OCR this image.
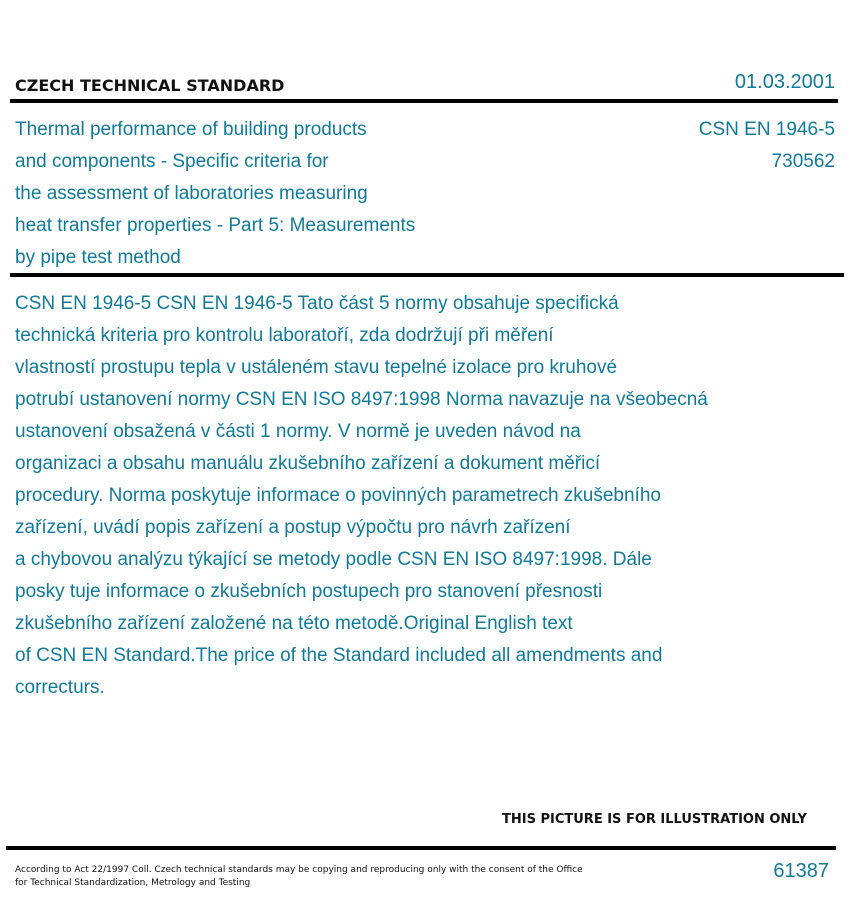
CZECH TECHNICAL STANDARD	01.03.2001
Thermal performance of building products
and components - Specific criteria for
the assessment of laboratories measuring
heat transfer properties - Part 5: Measurements
by pipe test method
CSN EN 1946-5
730562
CSN EN 1946-5 CSN EN 1946-5 Tato část 5 normy obsahuje specifická
technická kriteria pro kontrolu laboratoří, zda dodržují při měření
vlastností prostupu tepla v ustáleném stavu tepelné izolace pro kruhové
potrubí ustanovení normy CSN EN ISO 8497:1998 Norma navazuje na všeobecná
ustanovení obsažená v části 1 normy. V normě je uveden návod na
organizaci a obsahu manuálu zkušebního zařízení a dokument měřicí
procedury. Norma poskytuje informace o povinných parametrech zkušebního
zařízení, uvádí popis zařízení a postup výpočtu pro návrh zařízení
a chybovou analýzu týkající se metody podle CSN EN ISO 8497:1998. Dále
posky tuje informace o zkušebních postupech pro stanovení přesnosti
zkušebního zařízení založené na této metodě.Original English text
of CSN EN Standard.The price of the Standard included all amendments and
correcturs.
THIS PICTURE IS FOR ILLUSTRATION ONLY
According to Act 22/1997 Coll. Czech technical standards may be copying and reproducing only with the consent of the Office
for Technical Standardization, Metrology and Testing
61387
